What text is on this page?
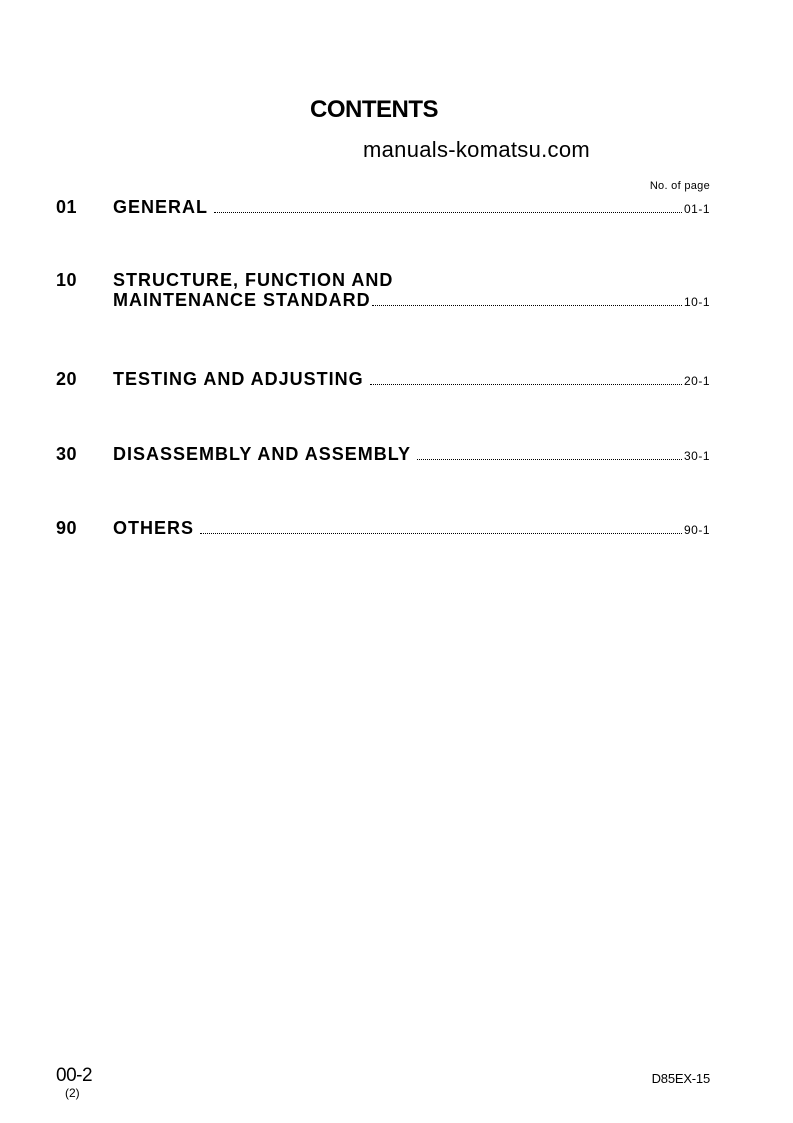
CONTENTS
manuals-komatsu.com
No. of page
01 GENERAL	01-1
10 STRUCTURE, FUNCTION AND
MAINTENANCE STANDARD	10-1
20 TESTING AND ADJUSTING	20-1
30 DISASSEMBLY AND ASSEMBLY	30-1
90 OTHERS	90-1
00-2
(2)
D85EX-15
